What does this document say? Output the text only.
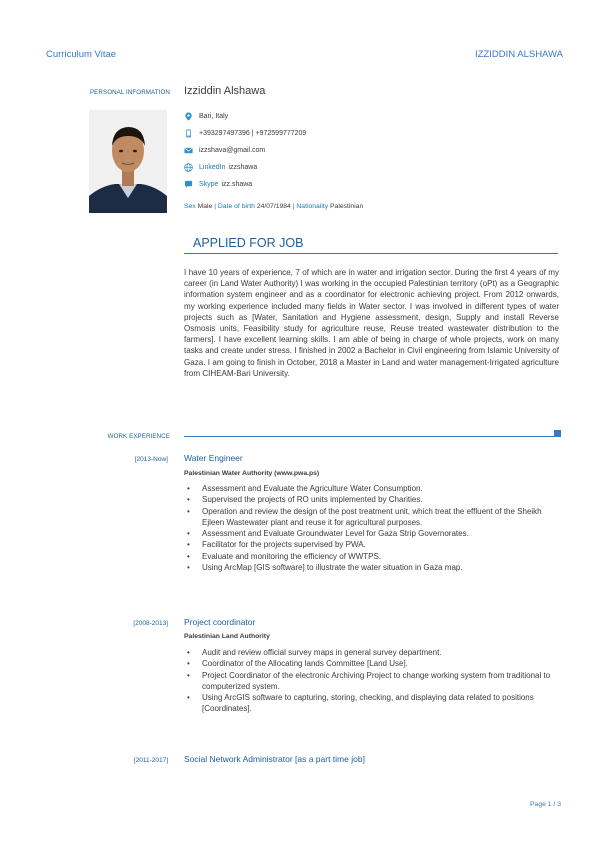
Curriculum Vitae	IZZIDDIN ALSHAWA
PERSONAL INFORMATION Izziddin Alshawa
Bari, Italy
+393297497396 | +972599777209
izzshava@gmail.com
LinkedIn izzshawa
Skype izz.shawa
Sex Male | Date of birth 24/07/1984 | Nationality Palestinian
APPLIED FOR JOB
I have 10 years of experience, 7 of which are in water and irrigation sector. During the first 4 years of my career (in Land Water Authority) I was working in the occupied Palestinian territory (oPt) as a Geographic information system engineer and as a coordinator for electronic achieving project. From 2012 onwards, my working experience included many fields in Water sector. I was involved in different types of water projects such as [Water, Sanitation and Hygiene assessment, design, Supply and install Reverse Osmosis units, Feasibility study for agriculture reuse, Reuse treated wastewater distribution to the farmers]. I have excellent learning skills. I am able of being in charge of whole projects, work on many tasks and create under stress. I finished in 2002 a Bachelor in Civil engineering from Islamic University of Gaza. I am going to finish in October, 2018 a Master in Land and water management-Irrigated agriculture from CIHEAM-Bari University.
WORK EXPERIENCE
[2013-Now] Water Engineer
Palestinian Water Authority (www.pwa.ps)
• Assessment and Evaluate the Agriculture Water Consumption.
• Supervised the projects of RO units implemented by Charities.
• Operation and review the design of the post treatment unit, which treat the effluent of the Sheikh Ejleen Wastewater plant and reuse it for agricultural purposes.
• Assessment and Evaluate Groundwater Level for Gaza Strip Governorates.
• Facilitator for the projects supervised by PWA.
• Evaluate and monitoring the efficiency of WWTPS.
• Using ArcMap [GIS software] to illustrate the water situation in Gaza map.
[2008-2013] Project coordinator
Palestinian Land Authority
• Audit and review official survey maps in general survey department.
• Coordinator of the Allocating lands Committee [Land Use].
• Project Coordinator of the electronic Archiving Project to change working system from traditional to computerized system.
• Using ArcGIS software to capturing, storing, checking, and displaying data related to positions [Coordinates].
[2011-2017] Social Network Administrator [as a part time job]
Page 1 / 3
